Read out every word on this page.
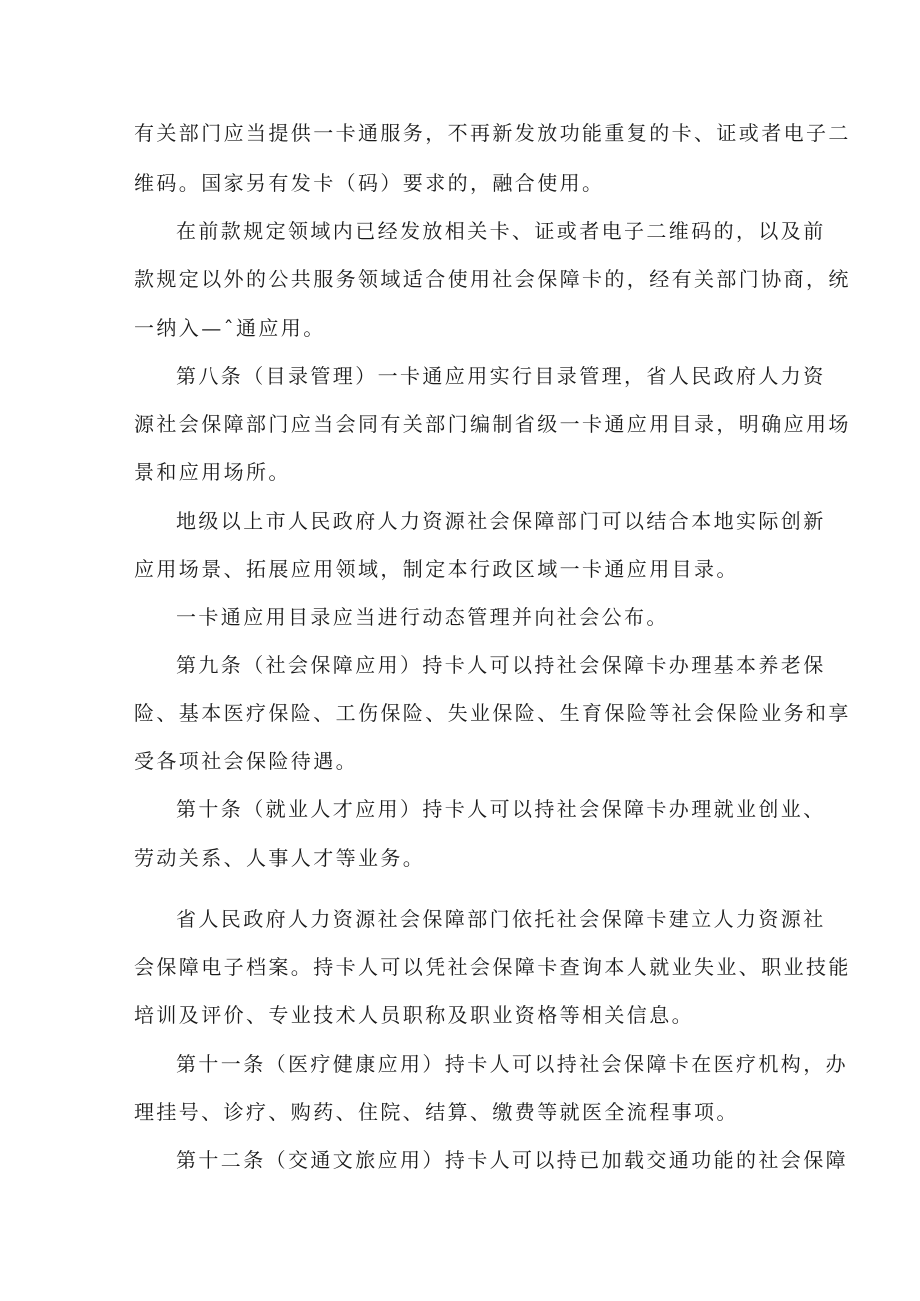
有关部门应当提供一卡通服务，不再新发放功能重复的卡、证或者电子二
维码。国家另有发卡（码）要求的，融合使用。
在前款规定领域内已经发放相关卡、证或者电子二维码的，以及前
款规定以外的公共服务领域适合使用社会保障卡的，经有关部门协商，统
一纳入—ˆ通应用。
第八条（目录管理）一卡通应用实行目录管理，省人民政府人力资
源社会保障部门应当会同有关部门编制省级一卡通应用目录，明确应用场
景和应用场所。
地级以上市人民政府人力资源社会保障部门可以结合本地实际创新
应用场景、拓展应用领域，制定本行政区域一卡通应用目录。
一卡通应用目录应当进行动态管理并向社会公布。
第九条（社会保障应用）持卡人可以持社会保障卡办理基本养老保
险、基本医疗保险、工伤保险、失业保险、生育保险等社会保险业务和享
受各项社会保险待遇。
第十条（就业人才应用）持卡人可以持社会保障卡办理就业创业、
劳动关系、人事人才等业务。
省人民政府人力资源社会保障部门依托社会保障卡建立人力资源社
会保障电子档案。持卡人可以凭社会保障卡查询本人就业失业、职业技能
培训及评价、专业技术人员职称及职业资格等相关信息。
第十一条（医疗健康应用）持卡人可以持社会保障卡在医疗机构，办
理挂号、诊疗、购药、住院、结算、缴费等就医全流程事项。
第十二条（交通文旅应用）持卡人可以持已加载交通功能的社会保障
